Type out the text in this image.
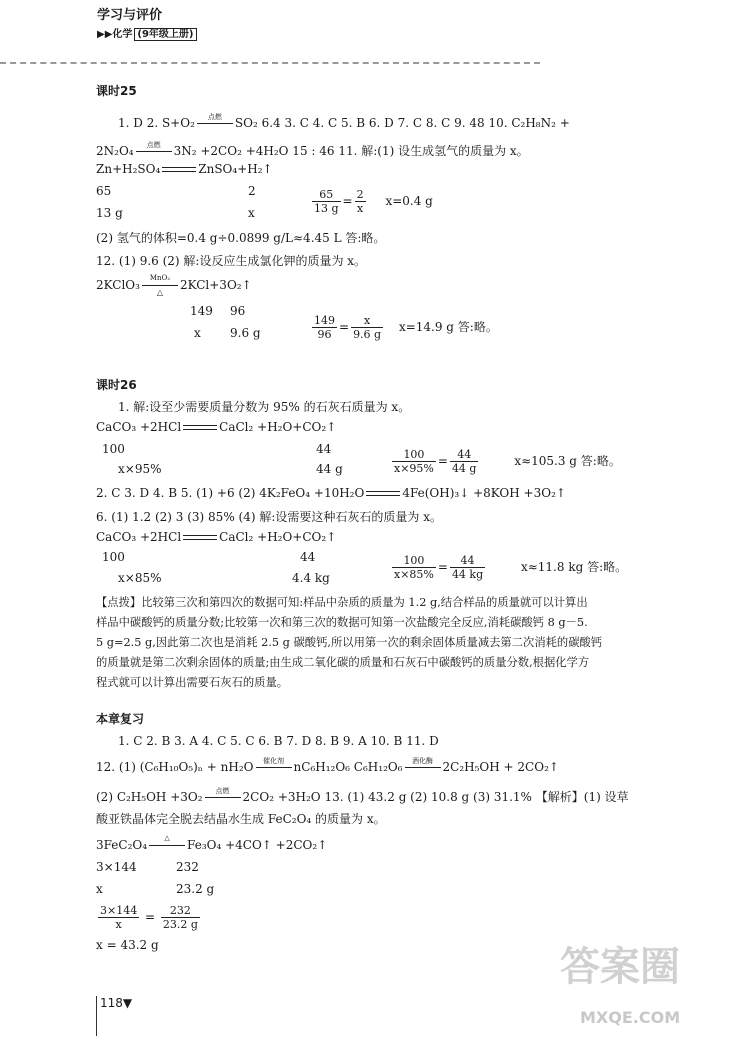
学习与评价
▶▶化学 (9年级上册)
课时25
1. D 2. S+O₂	点燃	SO₂ 6.4 3. C 4. C 5. B 6. D 7. C 8. C 9. 48 10. C₂H₈N₂ +
2N₂O₄	点燃	3N₂ +2CO₂ +4H₂O 15 : 46 11. 解:(1) 设生成氢气的质量为 x。
Zn+H₂SO₄	ZnSO₄+H₂↑
65	2
13 g	x	$\frac{65}{13 g} = \frac{2}{x} x=0.4$ g
(2) 氢气的体积=0.4 g÷0.0899 g/L≈4.45 L 答:略。
12. (1) 9.6 (2) 解:设反应生成氯化钾的质量为 x。
2KClO₃	MnO₂
△
2KCl+3O₂↑
149 96
x 9.6 g	$\frac{149}{96} = \frac{x}{9.6 g} x=14.9$ g 答:略。
课时26
1. 解:设至少需要质量分数为 95% 的石灰石质量为 x。
CaCO₃ +2HCl	CaCl₂ +H₂O+CO₂↑
100	44
x×95%	44 g	$\frac{100}{x\times 95\%} = \frac{44}{44 g}$	x≈105.3 g 答:略。
2. C 3. D 4. B 5. (1) +6 (2) 4K₂FeO₄ +10H₂O	4Fe(OH)₃↓ +8KOH +3O₂↑
6. (1) 1.2 (2) 3 (3) 85% (4) 解:设需要这种石灰石的质量为 x。
CaCO₃ +2HCl	CaCl₂ +H₂O+CO₂↑
100	44
x×85%	4.4 kg	$\frac{100}{x\times 85\%} = \frac{44}{44 kg}$	x≈11.8 kg 答:略。
【点拨】比较第三次和第四次的数据可知:样品中杂质的质量为 1.2 g,结合样品的质量就可以计算出
样品中碳酸钙的质量分数;比较第一次和第三次的数据可知第一次盐酸完全反应,消耗碳酸钙 8 g－5.
5 g=2.5 g,因此第二次也是消耗 2.5 g 碳酸钙,所以用第一次的剩余固体质量减去第二次消耗的碳酸钙
的质量就是第二次剩余固体的质量;由生成二氧化碳的质量和石灰石中碳酸钙的质量分数,根据化学方
程式就可以计算出需要石灰石的质量。
本章复习
1. C 2. B 3. A 4. C 5. C 6. B 7. D 8. B 9. A 10. B 11. D
12. (1) (C₆H₁₀O₅)ₙ + nH₂O	催化剂 nC₆H₁₂O₆ C₆H₁₂O₆	酒化酶 2C₂H₅OH + 2CO₂↑
(2) C₂H₅OH +3O₂	点燃	2CO₂ +3H₂O 13. (1) 43.2 g (2) 10.8 g (3) 31.1% 【解析】(1) 设草
酸亚铁晶体完全脱去结晶水生成 FeC₂O₄ 的质量为 x。
3FeC₂O₄	△	Fe₃O₄ +4CO↑ +2CO₂↑
3×144	232
x	23.2 g
$\frac{3\times 144}{x} = \frac{232}{23.2 g}$
x = 43.2 g
118▼
答案圈
MXQE.COM
